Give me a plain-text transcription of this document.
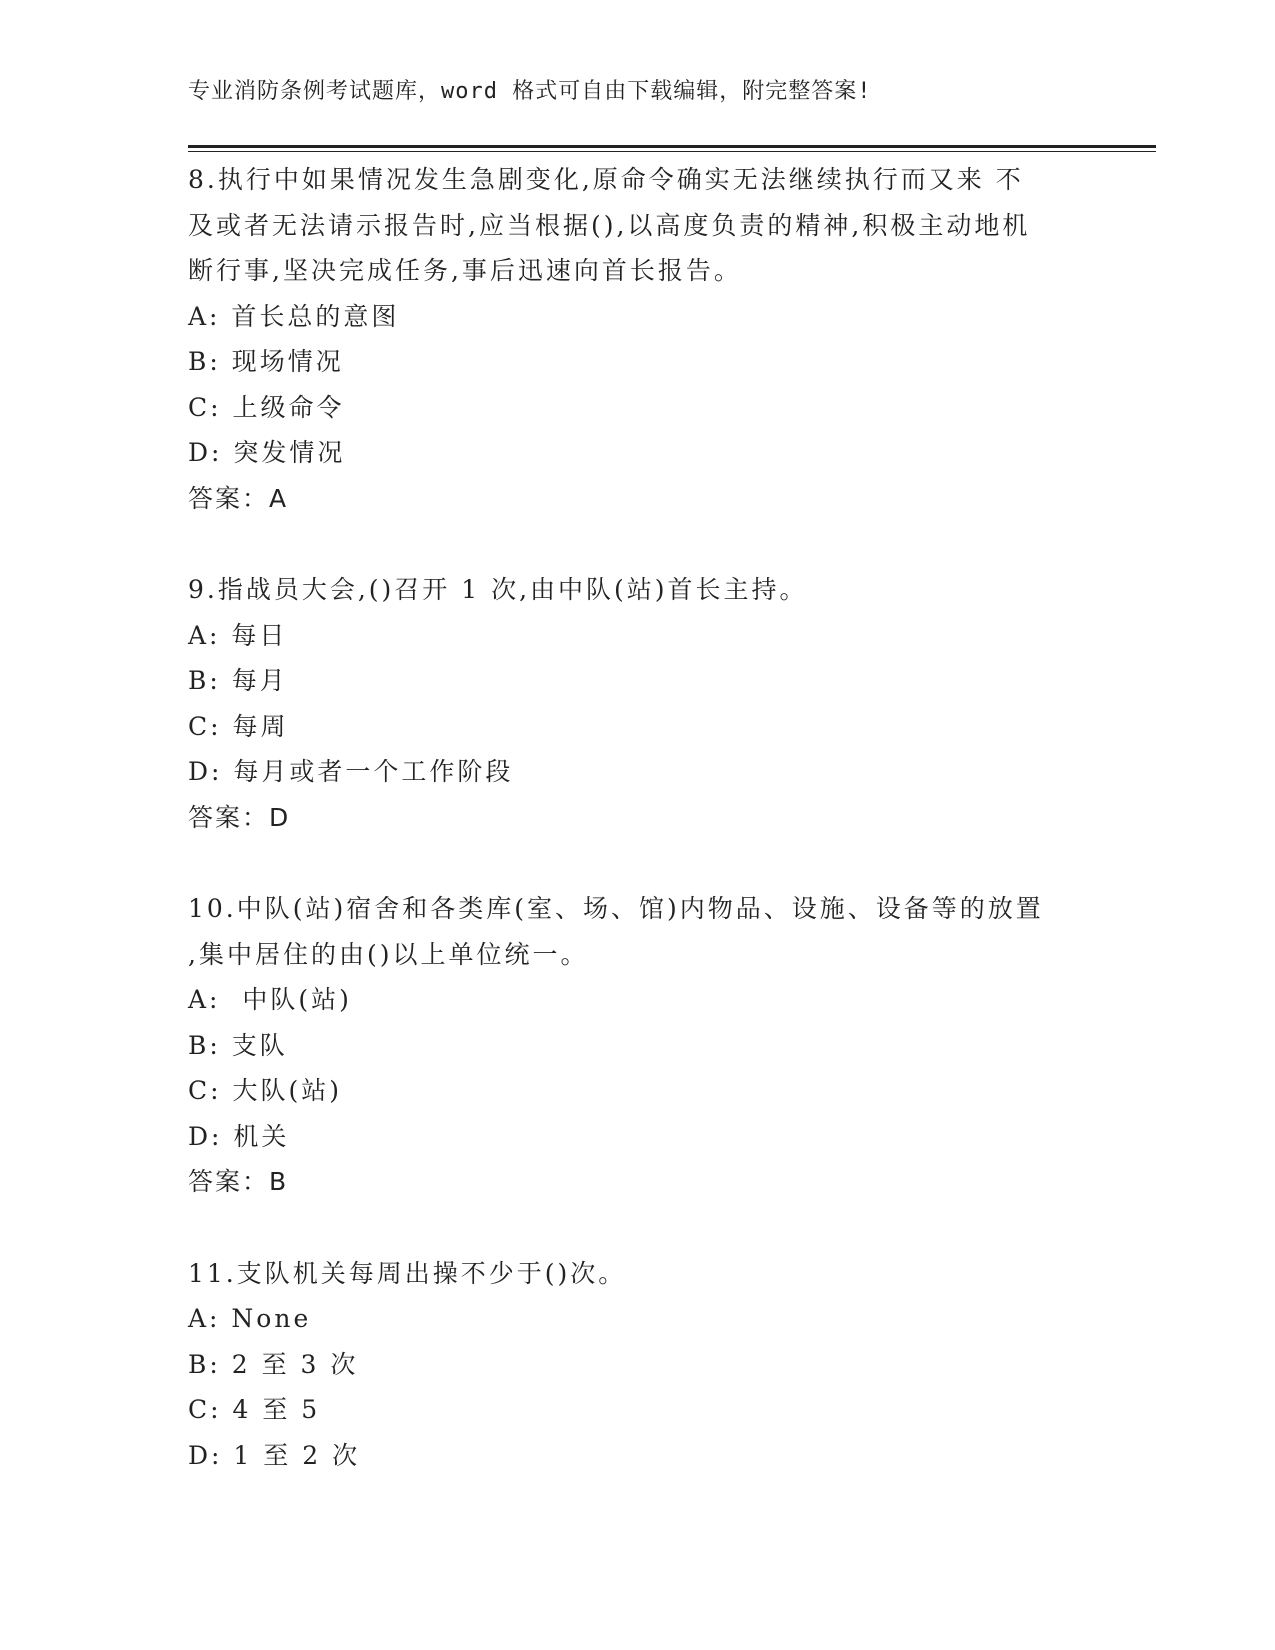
专业消防条例考试题库，word 格式可自由下载编辑，附完整答案!

8.执行中如果情况发生急剧变化,原命令确实无法继续执行而又来 不

及或者无法请示报告时,应当根据(),以高度负责的精神,积极主动地机

断行事,坚决完成任务,事后迅速向首长报告。

A: 首长总的意图

B: 现场情况

C: 上级命令

D: 突发情况

答案：A

9.指战员大会,()召开 1 次,由中队(站)首长主持。

A: 每日

B: 每月

C: 每周

D: 每月或者一个工作阶段

答案：D

10.中队(站)宿舍和各类库(室、场、馆)内物品、设施、设备等的放置

,集中居住的由()以上单位统一。

A:  中队(站)

B: 支队

C: 大队(站)

D: 机关

答案：B

11.支队机关每周出操不少于()次。

A: None

B: 2 至 3 次

C: 4 至 5

D: 1 至 2 次
